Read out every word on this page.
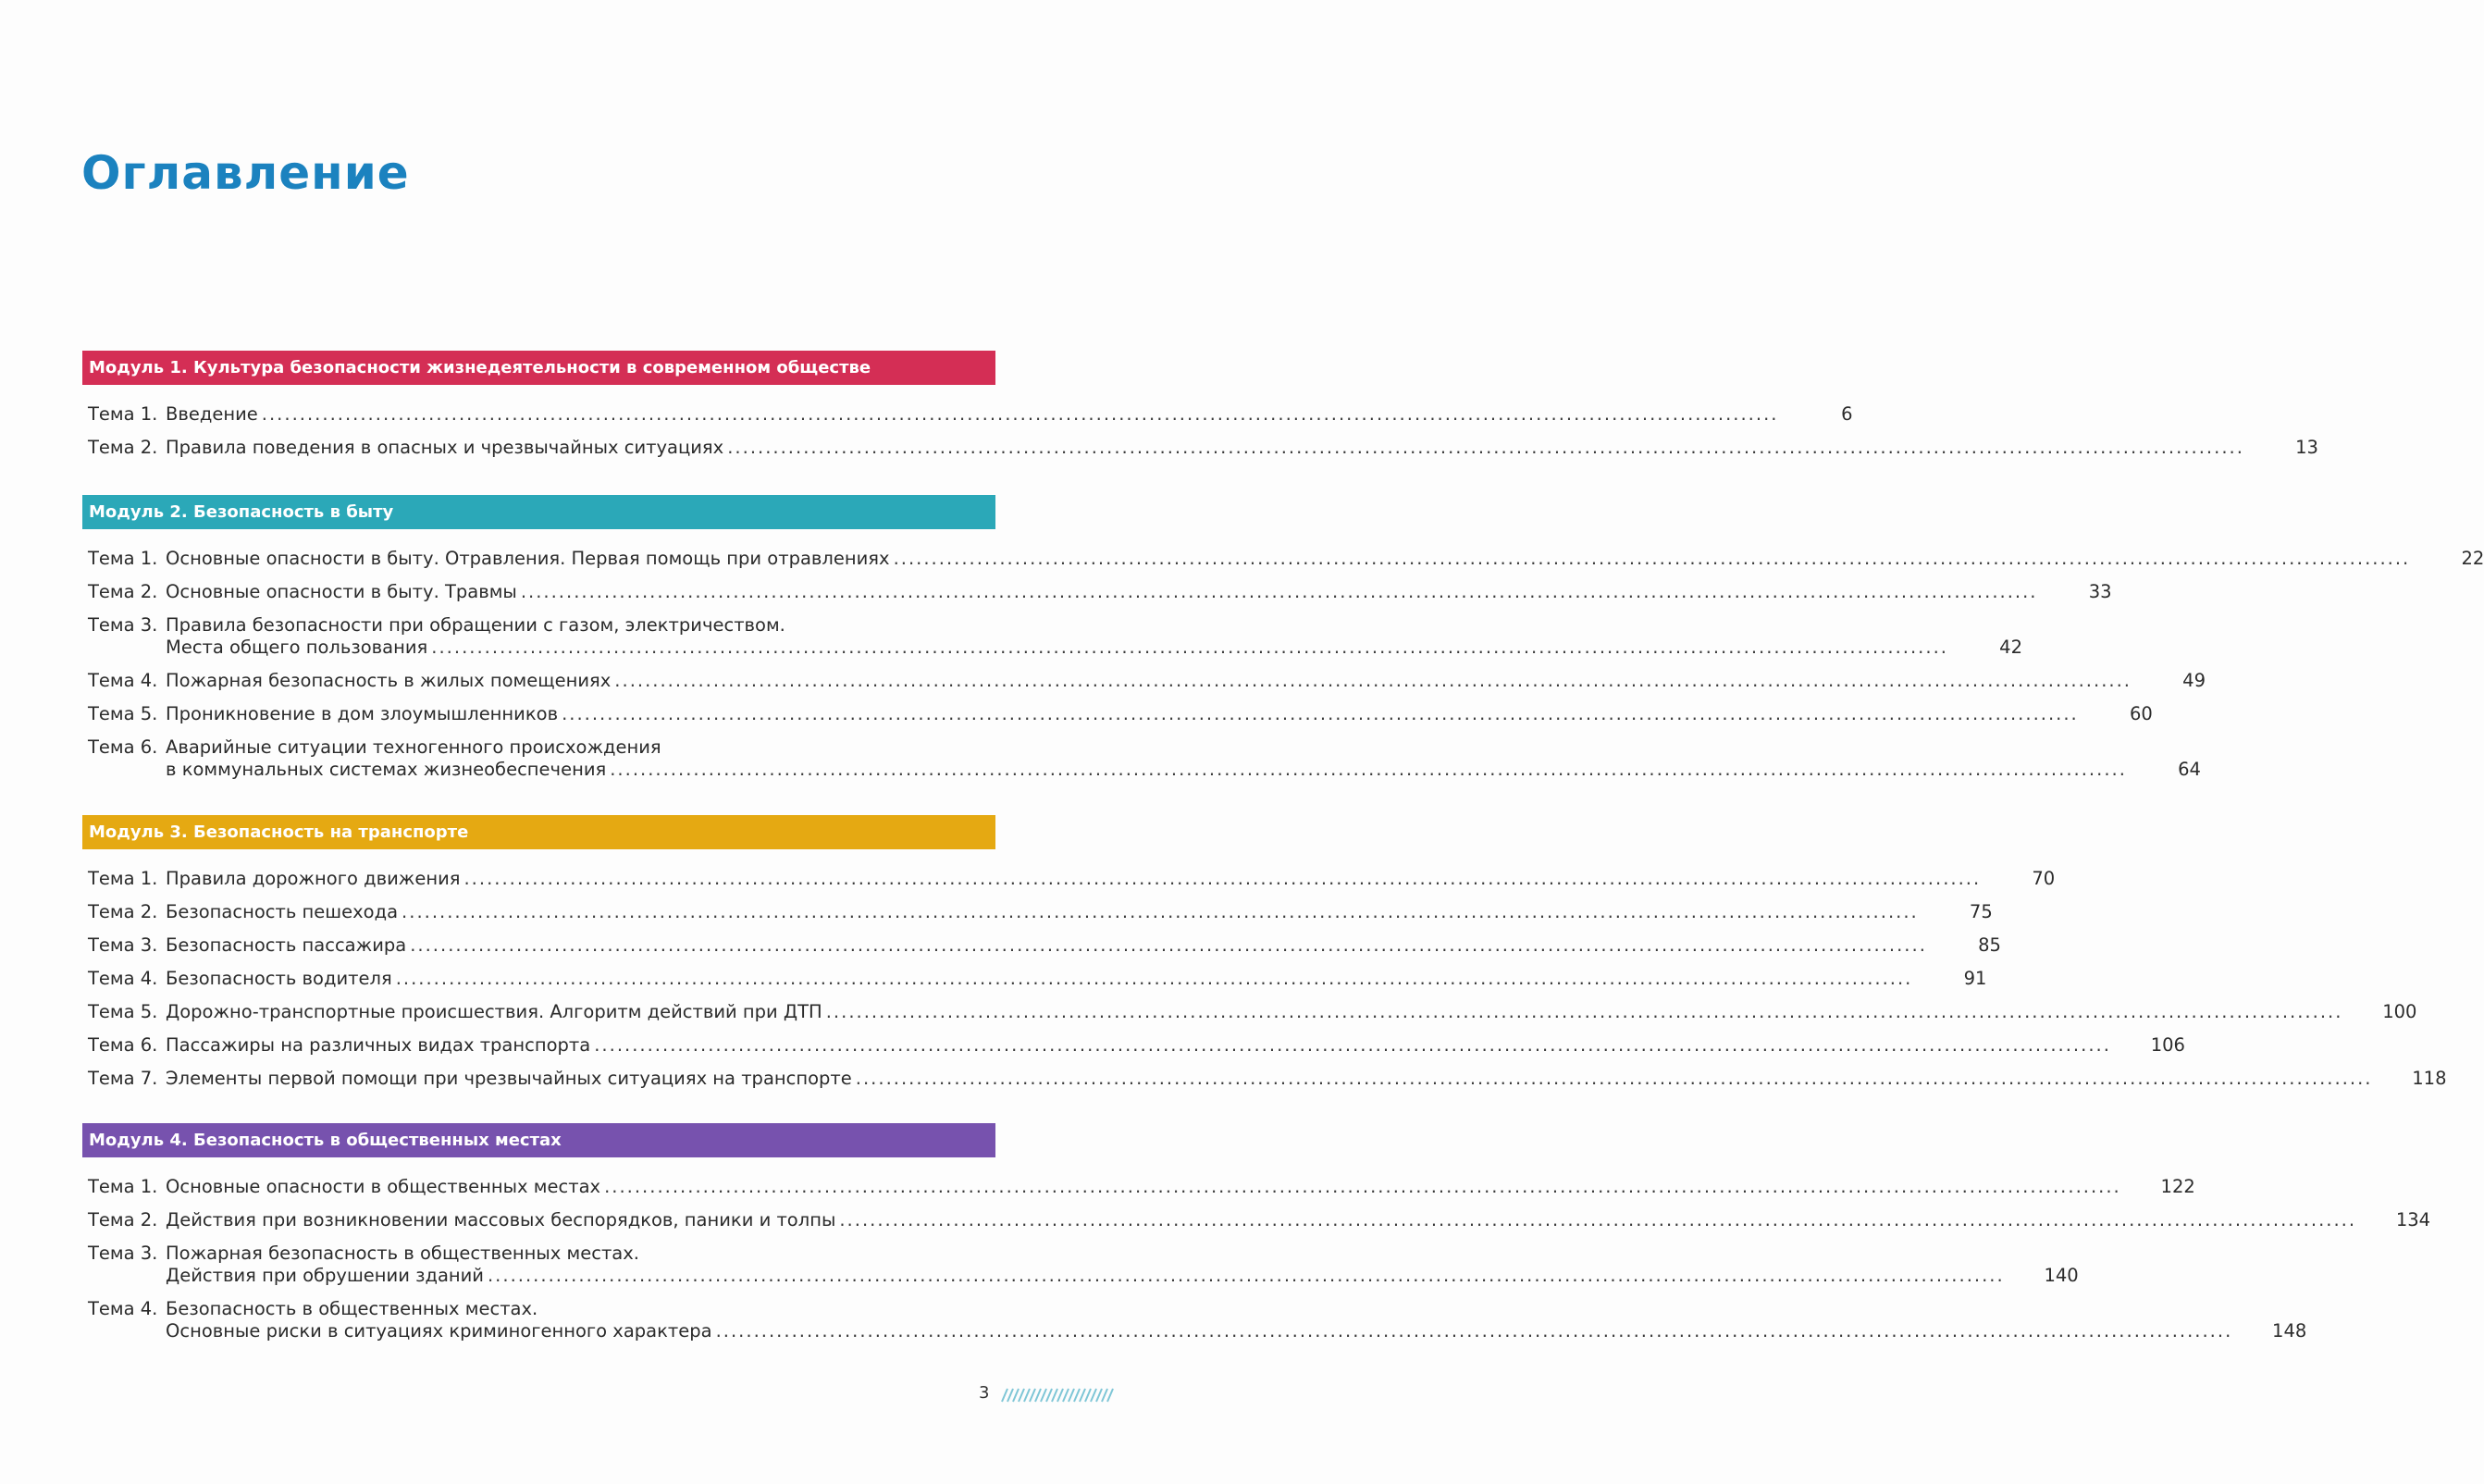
Оглавление
Модуль 1. Культура безопасности жизнедеятельности в современном обществе
Тема 1. Введение ........................................................................................................................................................................................................	6
Тема 2. Правила поведения в опасных и чрезвычайных ситуациях ........................................................................................................................................................................................................	13
Модуль 2. Безопасность в быту
Тема 1. Основные опасности в быту. Отравления. Первая помощь при отравлениях ........................................................................................................................................................................................................	22
Тема 2. Основные опасности в быту. Травмы ........................................................................................................................................................................................................	33
Тема 3. Правила безопасности при обращении с газом, электричеством.
Места общего пользования ........................................................................................................................................................................................................	42
Тема 4. Пожарная безопасность в жилых помещениях ........................................................................................................................................................................................................	49
Тема 5. Проникновение в дом злоумышленников ........................................................................................................................................................................................................	60
Тема 6. Аварийные ситуации техногенного происхождения
в коммунальных системах жизнеобеспечения ........................................................................................................................................................................................................	64
Модуль 3. Безопасность на транспорте
Тема 1. Правила дорожного движения ........................................................................................................................................................................................................	70
Тема 2. Безопасность пешехода ........................................................................................................................................................................................................	75
Тема 3. Безопасность пассажира ........................................................................................................................................................................................................	85
Тема 4. Безопасность водителя ........................................................................................................................................................................................................	91
Тема 5. Дорожно-транспортные происшествия. Алгоритм действий при ДТП ........................................................................................................................................................................................................	100
Тема 6. Пассажиры на различных видах транспорта ........................................................................................................................................................................................................	106
Тема 7. Элементы первой помощи при чрезвычайных ситуациях на транспорте ........................................................................................................................................................................................................	118
Модуль 4. Безопасность в общественных местах
Тема 1. Основные опасности в общественных местах ........................................................................................................................................................................................................	122
Тема 2. Действия при возникновении массовых беспорядков, паники и толпы ........................................................................................................................................................................................................	134
Тема 3. Пожарная безопасность в общественных местах.
Действия при обрушении зданий ........................................................................................................................................................................................................	140
Тема 4. Безопасность в общественных местах.
Основные риски в ситуациях криминогенного характера ........................................................................................................................................................................................................	148
3
